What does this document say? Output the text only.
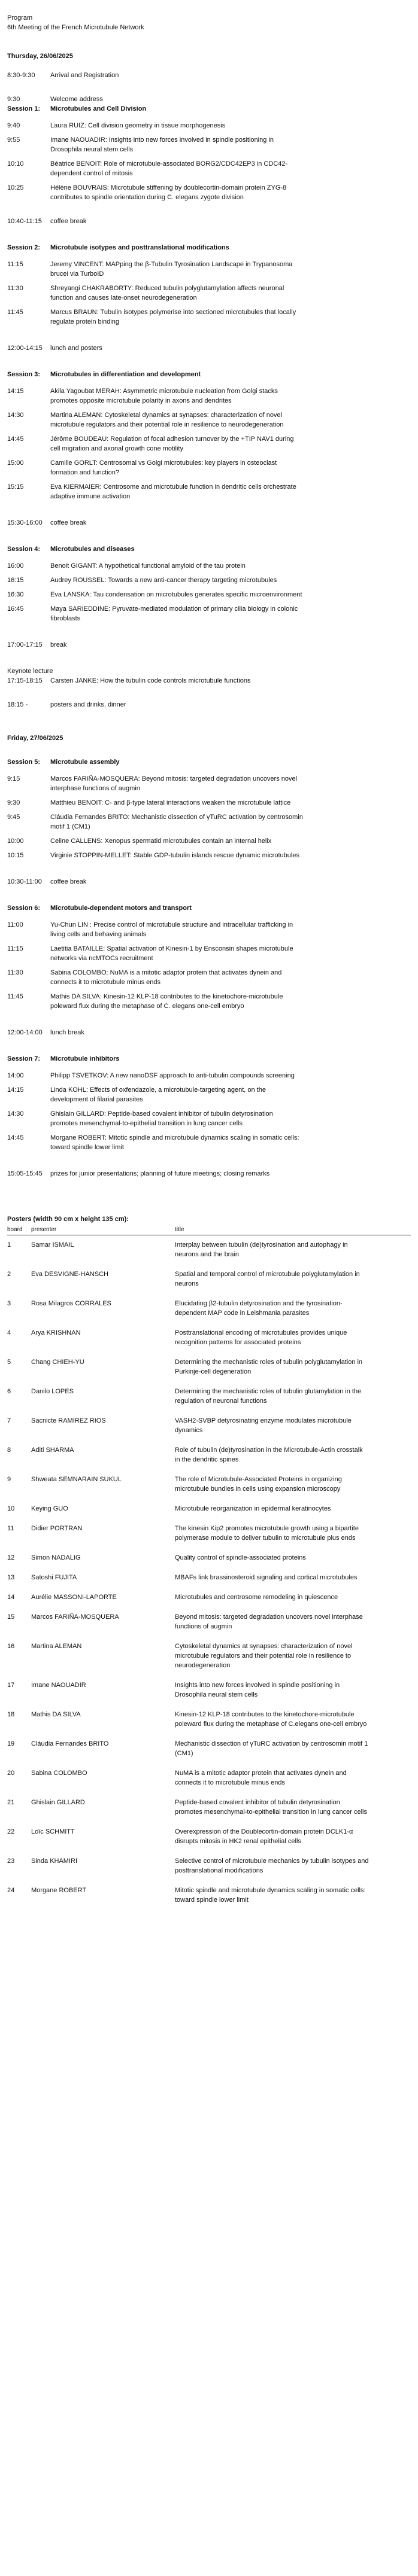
Program
6th Meeting of the French Microtubule Network
Thursday, 26/06/2025
8:30-9:30	Arrival and Registration
9:30	Welcome address
Session 1:	Microtubules and Cell Division
9:40	Laura RUIZ: Cell division geometry in tissue morphogenesis
9:55	Imane NAOUADIR: Insights into new forces involved in spindle positioning in
Drosophila neural stem cells
10:10	Béatrice BENOIT: Role of microtubule-associated BORG2/CDC42EP3 in CDC42-
dependent control of mitosis
10:25	Hélène BOUVRAIS: Microtubule stiffening by doublecortin-domain protein ZYG-8
contributes to spindle orientation during C. elegans zygote division
10:40-11:15	coffee break
Session 2:	Microtubule isotypes and posttranslational modifications
11:15	Jeremy VINCENT: MAPping the β-Tubulin Tyrosination Landscape in Trypanosoma
brucei via TurboID
11:30	Shreyangi CHAKRABORTY: Reduced tubulin polyglutamylation affects neuronal
function and causes late-onset neurodegeneration
11:45	Marcus BRAUN: Tubulin isotypes polymerise into sectioned microtubules that locally
regulate protein binding
12:00-14:15	lunch and posters
Session 3:	Microtubules in differentiation and development
14:15	Akila Yagoubat MERAH: Asymmetric microtubule nucleation from Golgi stacks
promotes opposite microtubule polarity in axons and dendrites
14:30	Martina ALEMAN: Cytoskeletal dynamics at synapses: characterization of novel
microtubule regulators and their potential role in resilience to neurodegeneration
14:45	Jérôme BOUDEAU: Regulation of focal adhesion turnover by the +TIP NAV1 during
cell migration and axonal growth cone motility
15:00	Camille GORLT: Centrosomal vs Golgi microtubules: key players in osteoclast
formation and function?
15:15	Eva KIERMAIER: Centrosome and microtubule function in dendritic cells orchestrate
adaptive immune activation
15:30-16:00	coffee break
Session 4:	Microtubules and diseases
16:00	Benoit GIGANT: A hypothetical functional amyloid of the tau protein
16:15	Audrey ROUSSEL: Towards a new anti-cancer therapy targeting microtubules
16:30	Eva LANSKA: Tau condensation on microtubules generates specific microenvironment
16:45	Maya SARIEDDINE: Pyruvate-mediated modulation of primary cilia biology in colonic
fibroblasts
17:00-17:15	break
Keynote lecture
17:15-18:15	Carsten JANKE: How the tubulin code controls microtubule functions
18:15 -	posters and drinks, dinner
Friday, 27/06/2025
Session 5:	Microtubule assembly
9:15	Marcos FARIÑA-MOSQUERA: Beyond mitosis: targeted degradation uncovers novel
interphase functions of augmin
9:30	Matthieu BENOIT: C- and β-type lateral interactions weaken the microtubule lattice
9:45	Cláudia Fernandes BRITO: Mechanistic dissection of γTuRC activation by centrosomin
motif 1 (CM1)
10:00	Celine CALLENS: Xenopus spermatid microtubules contain an internal helix
10:15	Virginie STOPPIN-MELLET: Stable GDP-tubulin islands rescue dynamic microtubules
10:30-11:00	coffee break
Session 6:	Microtubule-dependent motors and transport
11:00	Yu-Chun LIN : Precise control of microtubule structure and intracellular trafficking in
living cells and behaving animals
11:15	Laetitia BATAILLE: Spatial activation of Kinesin-1 by Ensconsin shapes microtubule
networks via ncMTOCs recruitment
11:30	Sabina COLOMBO: NuMA is a mitotic adaptor protein that activates dynein and
connects it to microtubule minus ends
11:45	Mathis DA SILVA: Kinesin-12 KLP-18 contributes to the kinetochore-microtubule
poleward flux during the metaphase of C. elegans one-cell embryo
12:00-14:00	lunch break
Session 7:	Microtubule inhibitors
14:00	Philipp TSVETKOV: A new nanoDSF approach to anti-tubulin compounds screening
14:15	Linda KOHL: Effects of oxfendazole, a microtubule-targeting agent, on the
development of filarial parasites
14:30	Ghislain GILLARD: Peptide-based covalent inhibitor of tubulin detyrosination
promotes mesenchymal-to-epithelial transition in lung cancer cells
14:45	Morgane ROBERT: Mitotic spindle and microtubule dynamics scaling in somatic cells:
toward spindle lower limit
15:05-15:45	prizes for junior presentations; planning of future meetings; closing remarks
Posters (width 90 cm x height 135 cm):
board	presenter	title
1	Samar ISMAIL	Interplay between tubulin (de)tyrosination and autophagy in
neurons and the brain
2	Eva DESVIGNE-HANSCH	Spatial and temporal control of microtubule polyglutamylation in
neurons
3	Rosa Milagros CORRALES	Elucidating β2-tubulin detyrosination and the tyrosination-
dependent MAP code in Leishmania parasites
4	Arya KRISHNAN	Posttranslational encoding of microtubules provides unique
recognition patterns for associated proteins
5	Chang CHIEH-YU	Determining the mechanistic roles of tubulin polyglutamylation in
Purkinje-cell degeneration
6	Danilo LOPES	Determining the mechanistic roles of tubulin glutamylation in the
regulation of neuronal functions
7	Sacnicte RAMIREZ RIOS	VASH2-SVBP detyrosinating enzyme modulates microtubule
dynamics
8	Aditi SHARMA	Role of tubulin (de)tyrosination in the Microtubule-Actin crosstalk
in the dendritic spines
9	Shweata SEMNARAIN SUKUL	The role of Microtubule-Associated Proteins in organizing
microtubule bundles in cells using expansion microscopy
10	Keying GUO	Microtubule reorganization in epidermal keratinocytes
11	Didier PORTRAN	The kinesin Kip2 promotes microtubule growth using a bipartite
polymerase module to deliver tubulin to microtubule plus ends
12	Simon NADALIG	Quality control of spindle-associated proteins
13	Satoshi FUJITA	MBAFs link brassinosteroid signaling and cortical microtubules
14	Aurélie MASSONI-LAPORTE	Microtubules and centrosome remodeling in quiescence
15	Marcos FARIÑA-MOSQUERA	Beyond mitosis: targeted degradation uncovers novel interphase
functions of augmin
16	Martina ALEMAN	Cytoskeletal dynamics at synapses: characterization of novel
microtubule regulators and their potential role in resilience to
neurodegeneration
17	Imane NAOUADIR	Insights into new forces involved in spindle positioning in
Drosophila neural stem cells
18	Mathis DA SILVA	Kinesin-12 KLP-18 contributes to the kinetochore-microtubule
poleward flux during the metaphase of C.elegans one-cell embryo
19	Cláudia Fernandes BRITO	Mechanistic dissection of γTuRC activation by centrosomin motif 1
(CM1)
20	Sabina COLOMBO	NuMA is a mitotic adaptor protein that activates dynein and
connects it to microtubule minus ends
21	Ghislain GILLARD	Peptide-based covalent inhibitor of tubulin detyrosination
promotes mesenchymal-to-epithelial transition in lung cancer cells
22	Loïc SCHMITT	Overexpression of the Doublecortin-domain protein DCLK1-α
disrupts mitosis in HK2 renal epithelial cells
23	Sinda KHAMIRI	Selective control of microtubule mechanics by tubulin isotypes and
posttranslational modifications
24	Morgane ROBERT	Mitotic spindle and microtubule dynamics scaling in somatic cells:
toward spindle lower limit
